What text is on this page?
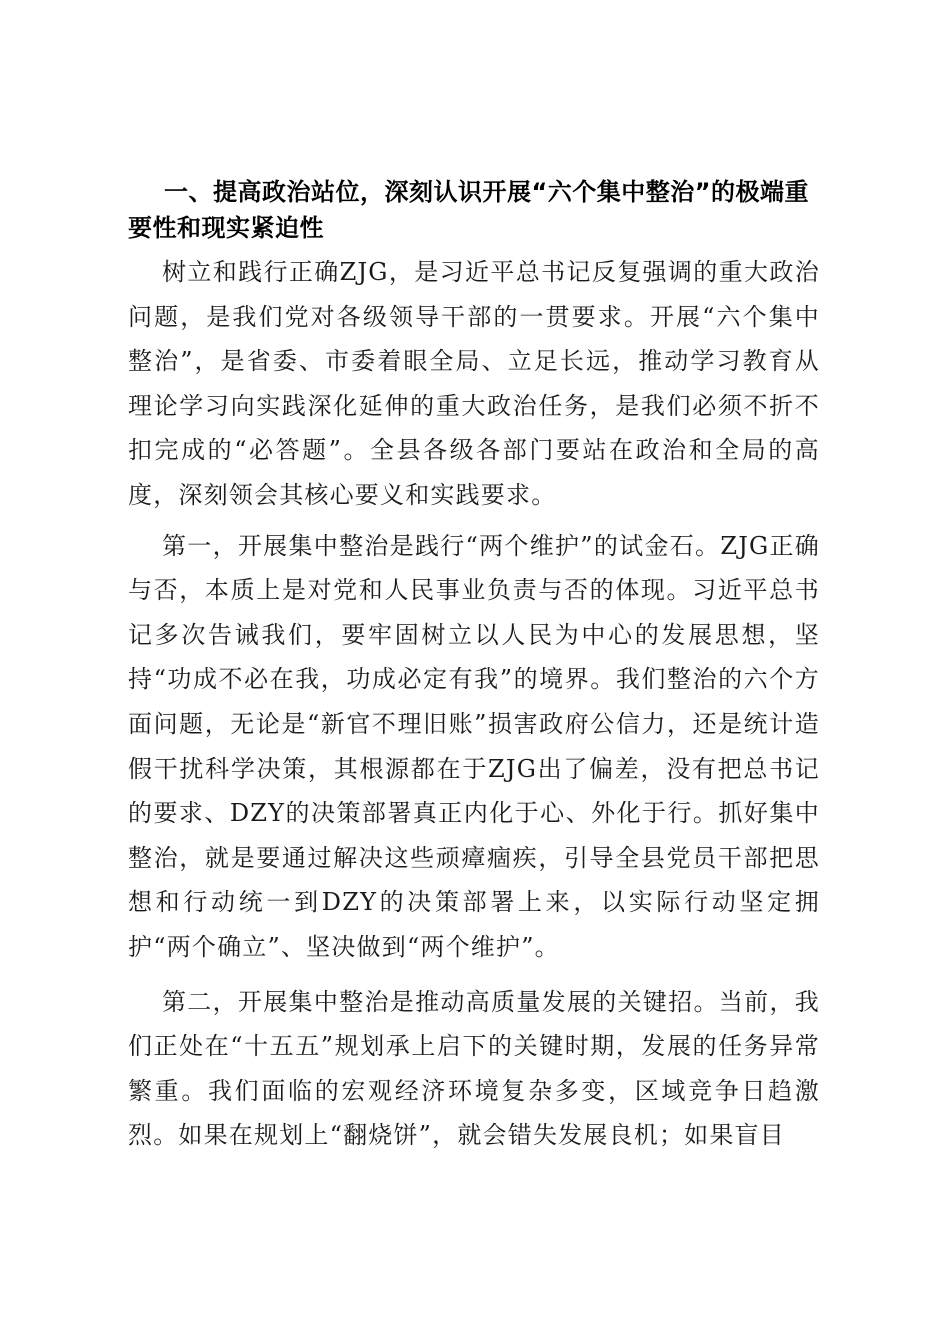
一、提高政治站位，深刻认识开展“六个集中整治”的极端重要性和现实紧迫性

树立和践行正确ZJG，是习近平总书记反复强调的重大政治问题，是我们党对各级领导干部的一贯要求。开展“六个集中整治”，是省委、市委着眼全局、立足长远，推动学习教育从理论学习向实践深化延伸的重大政治任务，是我们必须不折不扣完成的“必答题”。全县各级各部门要站在政治和全局的高度，深刻领会其核心要义和实践要求。

第一，开展集中整治是践行“两个维护”的试金石。ZJG正确与否，本质上是对党和人民事业负责与否的体现。习近平总书记多次告诫我们，要牢固树立以人民为中心的发展思想，坚持“功成不必在我，功成必定有我”的境界。我们整治的六个方面问题，无论是“新官不理旧账”损害政府公信力，还是统计造假干扰科学决策，其根源都在于ZJG出了偏差，没有把总书记的要求、DZY的决策部署真正内化于心、外化于行。抓好集中整治，就是要通过解决这些顽瘴痼疾，引导全县党员干部把思想和行动统一到DZY的决策部署上来，以实际行动坚定拥护“两个确立”、坚决做到“两个维护”。

第二，开展集中整治是推动高质量发展的关键招。当前，我们正处在“十五五”规划承上启下的关键时期，发展的任务异常繁重。我们面临的宏观经济环境复杂多变，区域竞争日趋激烈。如果在规划上“翻烧饼”，就会错失发展良机；如果盲目
